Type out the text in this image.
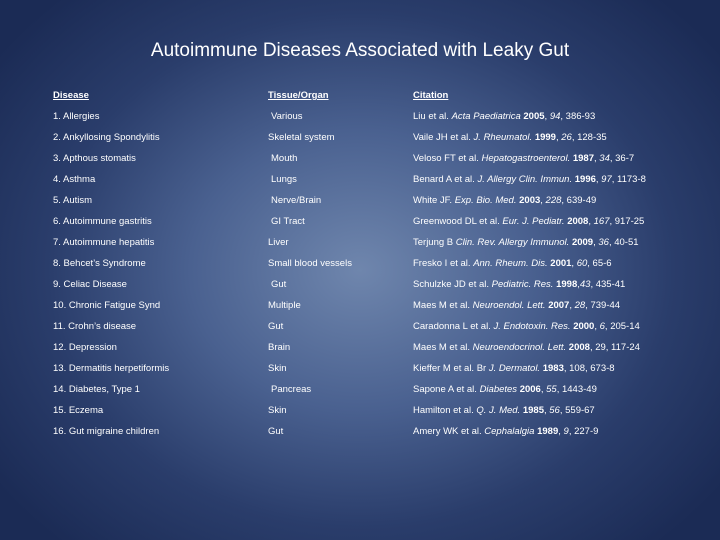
Autoimmune Diseases Associated with Leaky Gut
Disease	Tissue/Organ	Citation
1. Allergies	Various	Liu et al. Acta Paediatrica 2005, 94, 386-93
2. Ankyllosing Spondylitis	Skeletal system	Vaile JH et al. J. Rheumatol. 1999, 26, 128-35
3. Apthous stomatis	Mouth	Veloso FT et al. Hepatogastroenterol. 1987, 34, 36-7
4. Asthma	Lungs	Benard A et al. J. Allergy Clin. Immun. 1996, 97, 1173-8
5. Autism	Nerve/Brain	White JF. Exp. Bio. Med. 2003, 228, 639-49
6. Autoimmune gastritis	GI Tract	Greenwood DL et al. Eur. J. Pediatr. 2008, 167, 917-25
7. Autoimmune hepatitis	Liver	Terjung B Clin. Rev. Allergy Immunol. 2009, 36, 40-51
8. Behcet’s Syndrome	Small blood vessels	Fresko I et al. Ann. Rheum. Dis. 2001, 60, 65-6
9. Celiac Disease	Gut	Schulzke JD et al. Pediatric. Res. 1998,43, 435-41
10. Chronic Fatigue Synd	Multiple	Maes M et al. Neuroendol. Lett. 2007, 28, 739-44
11. Crohn’s disease	Gut	Caradonna L et al. J. Endotoxin. Res. 2000, 6, 205-14
12. Depression	Brain	Maes M et al. Neuroendocrinol. Lett. 2008, 29, 117-24
13. Dermatitis herpetiformis	Skin	Kieffer M et al. Br J. Dermatol. 1983, 108, 673-8
14. Diabetes, Type 1	Pancreas	Sapone A et al. Diabetes 2006, 55, 1443-49
15. Eczema	Skin	Hamilton et al. Q. J. Med. 1985, 56, 559-67
16. Gut migraine children	Gut	Amery WK et al. Cephalalgia 1989, 9, 227-9
